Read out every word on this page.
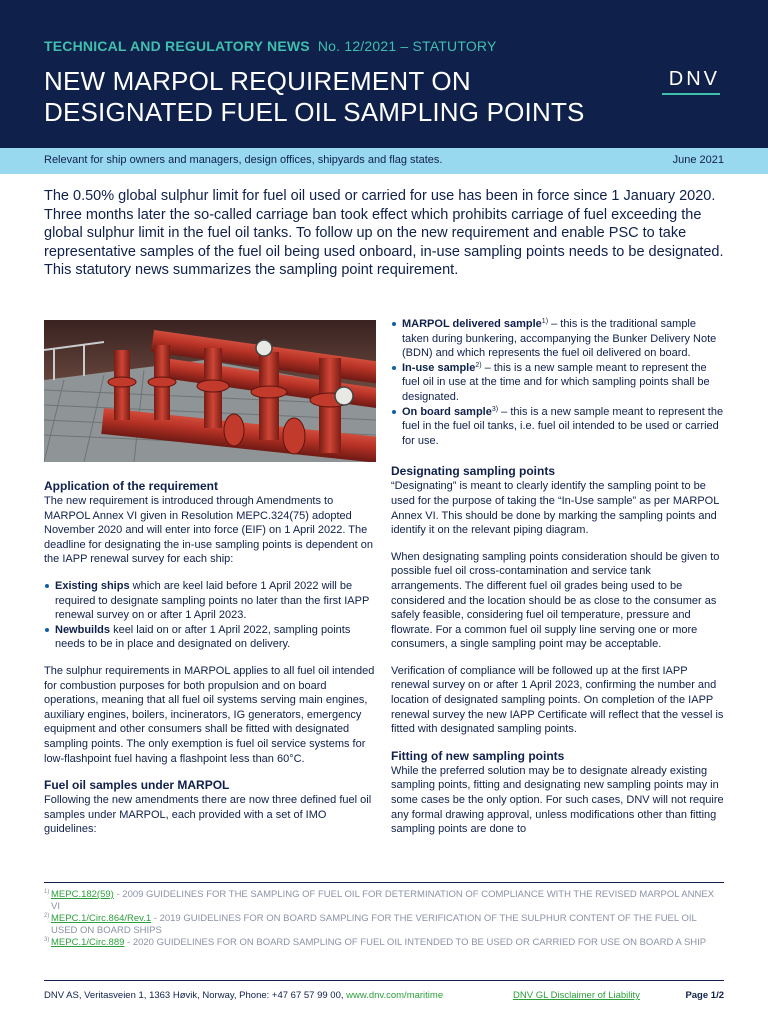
TECHNICAL AND REGULATORY NEWS No. 12/2021 – STATUTORY
NEW MARPOL REQUIREMENT ON
DESIGNATED FUEL OIL SAMPLING POINTS
DNV
Relevant for ship owners and managers, design offices, shipyards and flag states.	June 2021

The 0.50% global sulphur limit for fuel oil used or carried for use has been in force since 1 January 2020. Three months later the so-called carriage ban took effect which prohibits carriage of fuel exceeding the global sulphur limit in the fuel oil tanks. To follow up on the new requirement and enable PSC to take representative samples of the fuel oil being used onboard, in-use sampling points needs to be designated. This statutory news summarizes the sampling point requirement.

Application of the requirement
The new requirement is introduced through Amendments to MARPOL Annex VI given in Resolution MEPC.324(75) adopted November 2020 and will enter into force (EIF) on 1 April 2022. The deadline for designating the in-use sampling points is dependent on the IAPP renewal survey for each ship:
Existing ships which are keel laid before 1 April 2022 will be required to designate sampling points no later than the first IAPP renewal survey on or after 1 April 2023.
Newbuilds keel laid on or after 1 April 2022, sampling points needs to be in place and designated on delivery.
The sulphur requirements in MARPOL applies to all fuel oil intended for combustion purposes for both propulsion and on board operations, meaning that all fuel oil systems serving main engines, auxiliary engines, boilers, incinerators, IG generators, emergency equipment and other consumers shall be fitted with designated sampling points. The only exemption is fuel oil service systems for low-flashpoint fuel having a flashpoint less than 60°C.
Fuel oil samples under MARPOL
Following the new amendments there are now three defined fuel oil samples under MARPOL, each provided with a set of IMO guidelines:
MARPOL delivered sample$^{1)}$ – this is the traditional sample taken during bunkering, accompanying the Bunker Delivery Note (BDN) and which represents the fuel oil delivered on board.
In-use sample$^{2)}$ – this is a new sample meant to represent the fuel oil in use at the time and for which sampling points shall be designated.
On board sample$^{3)}$ – this is a new sample meant to represent the fuel in the fuel oil tanks, i.e. fuel oil intended to be used or carried for use.
Designating sampling points
“Designating” is meant to clearly identify the sampling point to be used for the purpose of taking the “In-Use sample” as per MARPOL Annex VI. This should be done by marking the sampling points and identify it on the relevant piping diagram.
When designating sampling points consideration should be given to possible fuel oil cross-contamination and service tank arrangements. The different fuel oil grades being used to be considered and the location should be as close to the consumer as safely feasible, considering fuel oil temperature, pressure and flowrate. For a common fuel oil supply line serving one or more consumers, a single sampling point may be acceptable.
Verification of compliance will be followed up at the first IAPP renewal survey on or after 1 April 2023, confirming the number and location of designated sampling points. On completion of the IAPP renewal survey the new IAPP Certificate will reflect that the vessel is fitted with designated sampling points.
Fitting of new sampling points
While the preferred solution may be to designate already existing sampling points, fitting and designating new sampling points may in some cases be the only option. For such cases, DNV will not require any formal drawing approval, unless modifications other than fitting sampling points are done to
1) MEPC.182(59) - 2009 GUIDELINES FOR THE SAMPLING OF FUEL OIL FOR DETERMINATION OF COMPLIANCE WITH THE REVISED MARPOL ANNEX VI
2) MEPC.1/Circ.864/Rev.1 - 2019 GUIDELINES FOR ON BOARD SAMPLING FOR THE VERIFICATION OF THE SULPHUR CONTENT OF THE FUEL OIL USED ON BOARD SHIPS
3) MEPC.1/Circ.889 - 2020 GUIDELINES FOR ON BOARD SAMPLING OF FUEL OIL INTENDED TO BE USED OR CARRIED FOR USE ON BOARD A SHIP
DNV AS, Veritasveien 1, 1363 Høvik, Norway, Phone: +47 67 57 99 00, www.dnv.com/maritime	DNV GL Disclaimer of Liability	Page 1/2
